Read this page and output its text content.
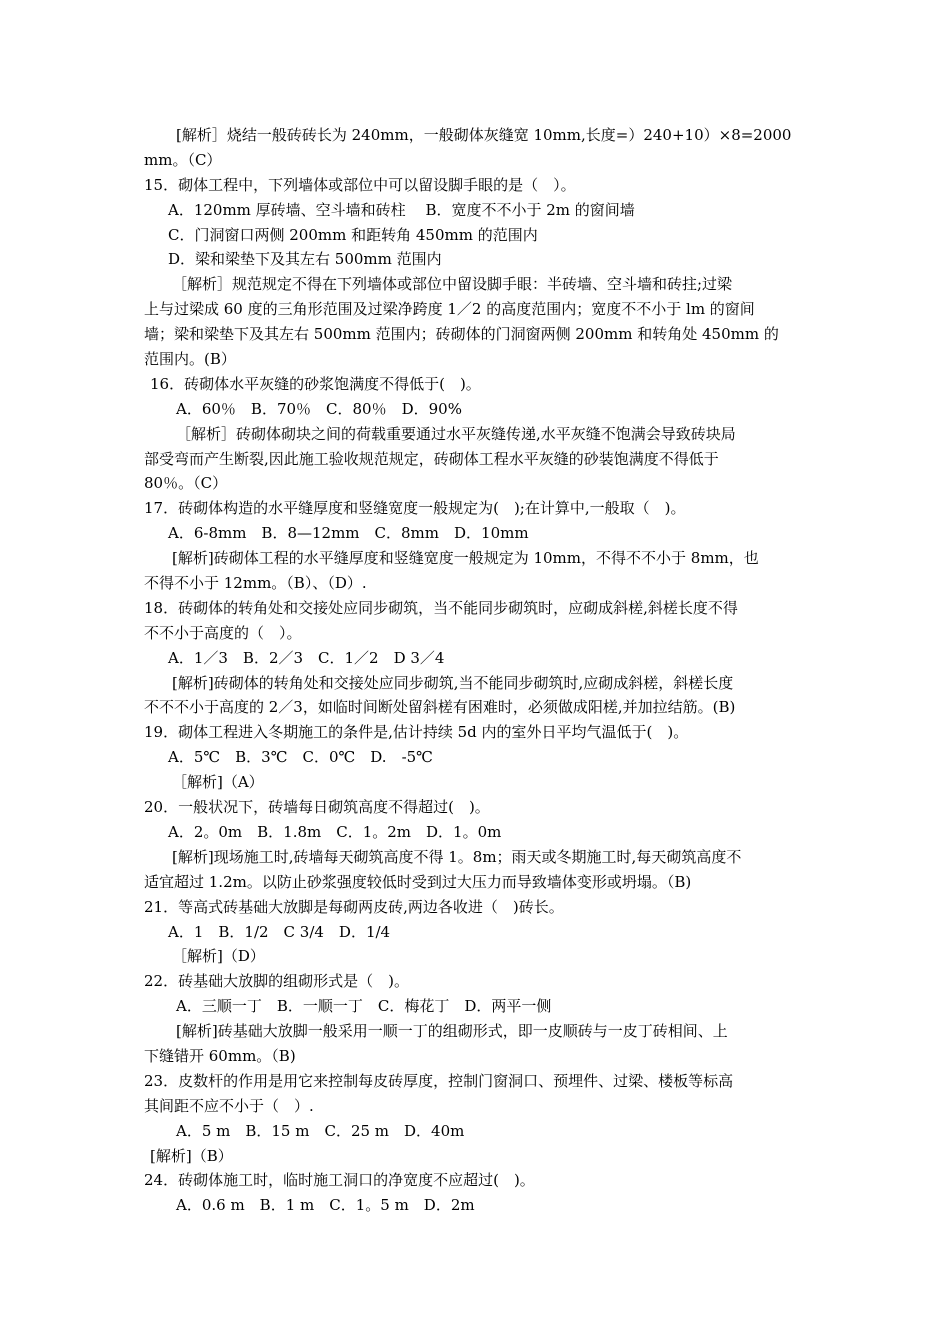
[解析］烧结一般砖砖长为 240mm，一般砌体灰缝宽 10mm,长度=）240+10）×8=2000
mm。（C）
15．砌体工程中，下列墙体或部位中可以留设脚手眼的是（　）。
A．120mm 厚砖墙、空斗墙和砖柱　 B．宽度不不小于 2m 的窗间墙
C．门洞窗口两侧 200mm 和距转角 450mm 的范围内
D．梁和梁垫下及其左右 500mm 范围内
［解析］规范规定不得在下列墙体或部位中留设脚手眼：半砖墙、空斗墙和砖拄;过梁
上与过梁成 60 度的三角形范围及过梁净跨度 1／2 的高度范围内；宽度不不小于 lm 的窗间
墙；梁和梁垫下及其左右 500mm 范围内；砖砌体的门洞窗两侧 200mm 和转角处 450mm 的
范围内。(B）
16．砖砌体水平灰缝的砂浆饱满度不得低于(　)。
A．60％　B．70％　C．80％　D．90%
［解析］砖砌体砌块之间的荷载重要通过水平灰缝传递,水平灰缝不饱满会导致砖块局
部受弯而产生断裂,因此施工验收规范规定，砖砌体工程水平灰缝的砂装饱满度不得低于
80％。（C）
17．砖砌体构造的水平缝厚度和竖缝宽度一般规定为(　);在计算中,一般取（　)。
A．6-8mm　B．8—12mm　C．8mm　D．10mm
[解析]砖砌体工程的水平缝厚度和竖缝宽度一般规定为 10mm，不得不不小于 8mm，也
不得不小于 12mm。（B）、（D）.
18．砖砌体的转角处和交接处应同步砌筑，当不能同步砌筑时，应砌成斜槎,斜槎长度不得
不不小于高度的（　）。
A．1／3　B．2／3　C．1／2　D 3／4
[解析]砖砌体的转角处和交接处应同步砌筑,当不能同步砌筑时,应砌成斜槎，斜槎长度
不不不小于高度的 2／3，如临时间断处留斜槎有困难时，必须做成阳槎,并加拉结筋。(B)
19．砌体工程进入冬期施工的条件是,估计持续 5d 内的室外日平均气温低于(　)。
A．5℃　B．3℃　C．0℃　D.　-5℃
［解析]（A）
20．一般状况下，砖墙每日砌筑高度不得超过(　)。
A．2。0m　B．1.8m　C．1。2m　D．1。0m
[解析]现场施工时,砖墙每天砌筑高度不得 1。8m；雨天或冬期施工时,每天砌筑高度不
适宜超过 1.2m。以防止砂浆强度较低时受到过大压力而导致墙体变形或坍塌。（B)
21．等高式砖基础大放脚是每砌两皮砖,两边各收进（　)砖长。
A．1　B．1/2　C 3/4　D．1/4
［解析]（D）
22．砖基础大放脚的组砌形式是（　)。
A．三顺一丁　B．一顺一丁　C．梅花丁　D．两平一侧
[解析]砖基础大放脚一般采用一顺一丁的组砌形式，即一皮顺砖与一皮丁砖相间、上
下缝错开 60mm。（B)
23．皮数杆的作用是用它来控制每皮砖厚度，控制门窗洞口、预埋件、过梁、楼板等标高
其间距不应不小于（　）.
A．5 m　B．15 m　C．25 m　D．40m
[解析]（B）
24．砖砌体施工时，临时施工洞口的净宽度不应超过(　)。
A．0.6 m　B．1 m　C．1。5 m　D．2m
